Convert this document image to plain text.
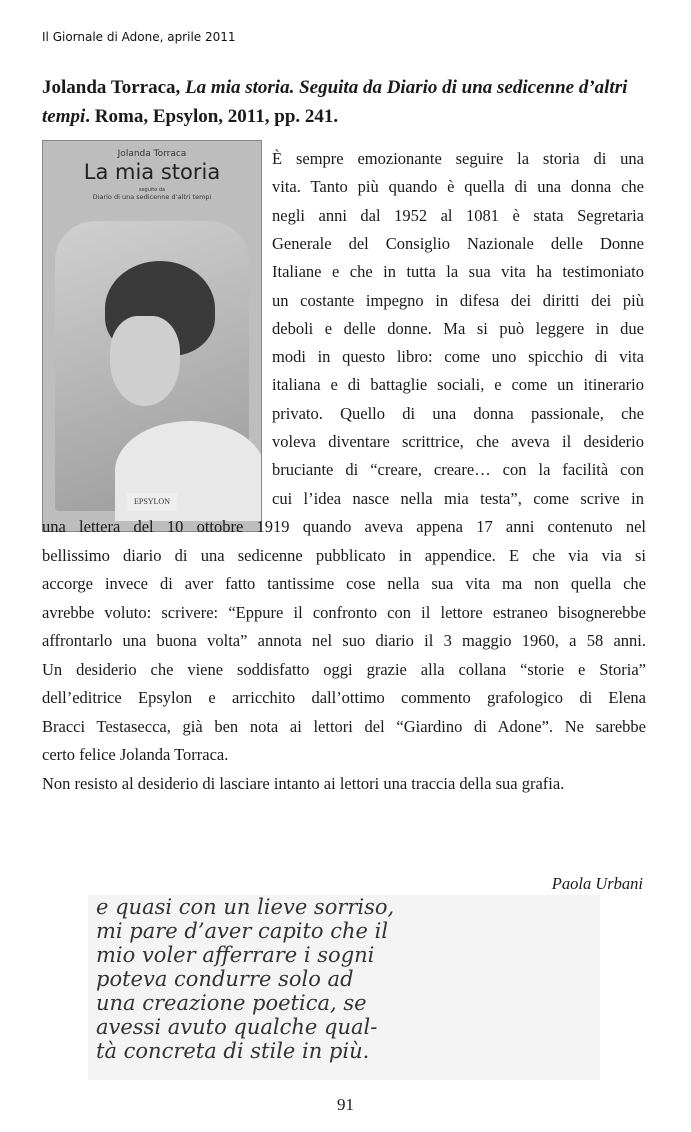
Il Giornale di Adone, aprile 2011
Jolanda Torraca, La mia storia. Seguita da Diario di una sedicenne d’altri tempi. Roma, Epsylon, 2011, pp. 241.
Jolanda Torraca
La mia storia
seguito da
Diario di una sedicenne d’altri tempi
EPSYLON
Paola Urbani
e quasi con un lieve sorriso,
mi pare d’aver capito che il
mio voler afferrare i sogni
poteva condurre solo ad
una creazione poetica, se
avessi avuto qualche qual-
tà concreta di stile in più.
91
È sempre emozionante seguire la storia di una
vita. Tanto più quando è quella di una donna che
negli anni dal 1952 al 1081 è stata Segretaria
Generale del Consiglio Nazionale delle Donne
Italiane e che in tutta la sua vita ha testimoniato
un costante impegno in difesa dei diritti dei più
deboli e delle donne. Ma si può leggere in due
modi in questo libro: come uno spicchio di vita
italiana e di battaglie sociali, e come un itinerario
privato. Quello di una donna passionale, che
voleva diventare scrittrice, che aveva il desiderio
bruciante di “creare, creare… con la facilità con
cui l’idea nasce nella mia testa”, come scrive in
una lettera del 10 ottobre 1919 quando aveva appena 17 anni contenuto nel
bellissimo diario di una sedicenne pubblicato in appendice. E che via via si
accorge invece di aver fatto tantissime cose nella sua vita ma non quella che
avrebbe voluto: scrivere: “Eppure il confronto con il lettore estraneo bisognerebbe
affrontarlo una buona volta” annota nel suo diario il 3 maggio 1960, a 58 anni.
Un desiderio che viene soddisfatto oggi grazie alla collana “storie e Storia”
dell’editrice Epsylon e arricchito dall’ottimo commento grafologico di Elena
Bracci Testasecca, già ben nota ai lettori del “Giardino di Adone”. Ne sarebbe
certo felice Jolanda Torraca.
Non resisto al desiderio di lasciare intanto ai lettori una traccia della sua grafia.
